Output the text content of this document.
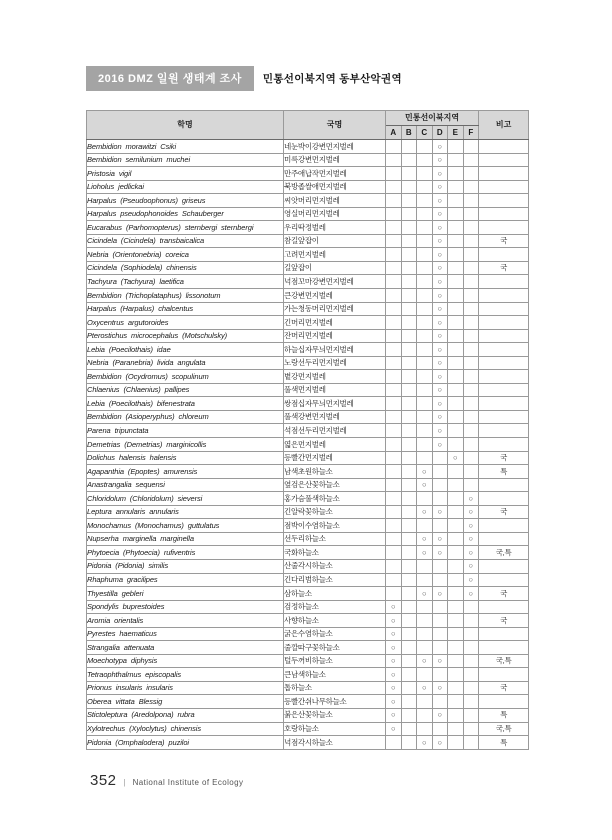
2016 DMZ 일원 생태계 조사	민통선이북지역 동부산악권역
학명	국명	민통선이북지역						비고
		A	B	C	D	E	F	
Bembidion morawitzi Csiki	네눈박이강변먼지벌레				○			
Bembidion semilunium muchei	미륵강변먼지벌레				○			
Pristosia vigil	만주애납작먼지벌레				○			
Lioholus jedlickai	북방좁쌀애먼지벌레				○			
Harpalus (Pseudoophonus) griseus	씨앗머리먼지벌레				○			
Harpalus pseudophonoides Schauberger	영실머리먼지벌레				○			
Eucarabus (Parhomopterus) sternbergi sternbergi	우리딱정벌레				○			
Cicindela (Cicindela) transbaicalica	참길앞잡이				○			국
Nebria (Orientonebria) coreica	고려먼지벌레				○			
Cicindela (Sophiodela) chinensis	길앞잡이				○			국
Tachyura (Tachyura) laetifica	넉점꼬마강변먼지벌레				○			
Bembidion (Trichoplataphus) lissonotum	큰강변먼지벌레				○			
Harpalus (Harpalus) chalcentus	가는청동머리먼지벌레				○			
Oxycentrus argutoroides	긴머리먼지벌레				○			
Pterostichus microcephalus (Motschulsky)	잔머리먼지벌레				○			
Lebia (Poecilothais) idae	하늘십자무늬먼지벌레				○			
Nebria (Paranebria) livida angulata	노랑선두리먼지벌레				○			
Bembidion (Ocydromus) scopulinum	볕강먼지벌레				○			
Chlaenius (Chlaenius) pallipes	풀색먼지벌레				○			
Lebia (Poecilothais) bifenestrata	쌍점십자무늬먼지벌레				○			
Bembidion (Asioperyphus) chloreum	풀색강변먼지벌레				○			
Parena tripunctata	석점선두리먼지벌레				○			
Demetrias (Demetrias) marginicollis	엷은먼지벌레				○			
Dolichus halensis halensis	등빨간먼지벌레					○		국
Agapanthia (Epoptes) amurensis	남색초원하늘소			○				특
Anastrangalia sequensi	옆검은산꽃하늘소			○				
Chloridolum (Chloridolum) sieversi	홍가슴풀색하늘소						○	
Leptura annularis annularis	긴알락꽃하늘소			○	○		○	국
Monochamus (Monochamus) guttulatus	점박이수염하늘소						○	
Nupserha marginella marginella	선두리하늘소			○	○		○	
Phytoecia (Phytoecia) rufiventris	국화하늘소			○	○		○	국,특
Pidonia (Pidonia) similis	산줄각시하늘소						○	
Rhaphuma gracilipes	긴다리범하늘소						○	
Thyestilla gebleri	삼하늘소			○	○		○	국
Spondylis buprestoides	검정하늘소	○						
Aromia orientalis	사향하늘소	○						국
Pyrestes haematicus	굵은수염하늘소	○						
Strangalia attenuata	줄깔따구꽃하늘소	○						
Moechotypa diphysis	털두꺼비하늘소	○		○	○			국,특
Tetraophthalmus episcopalis	큰남색하늘소	○						
Prionus insularis insularis	톱하늘소	○		○	○			국
Oberea vittata Blessig	등빨간쉬나무하늘소	○						
Stictoleptura (Aredolpona) rubra	붉은산꽃하늘소	○			○			특
Xylotrechus (Xyloclytus) chinensis	호랑하늘소	○						국,특
Pidonia (Omphalodera) puziloi	넉점각시하늘소			○	○			특
352 | National Institute of Ecology
